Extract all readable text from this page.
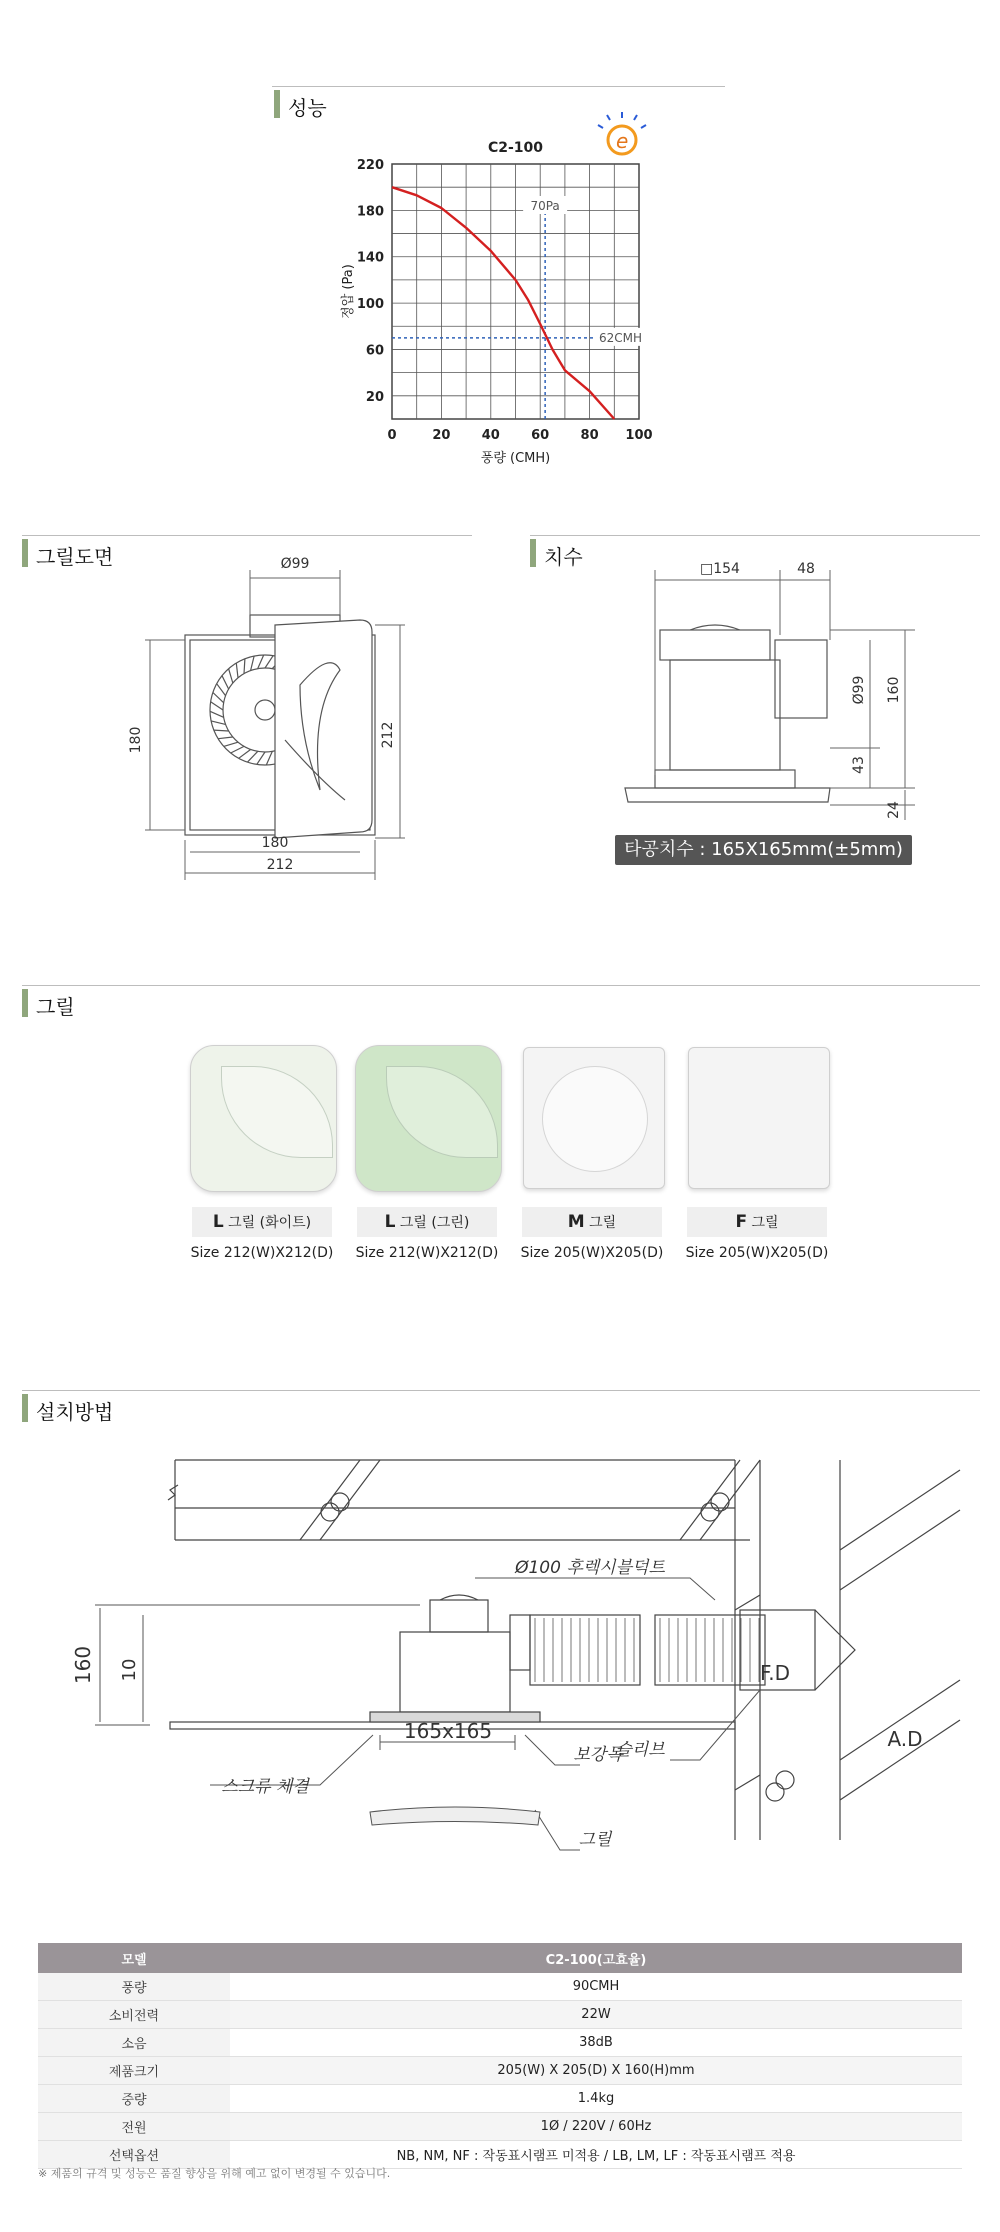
성능
0	20 40 60 80 100
20
60
100
140
180
220
C2-100
풍량 (CMH)
정압 (Pa)
70Pa
62CMH
e
그릴도면	Ø99
180	212
180
212
치수	□154	48
Ø99 160
43
24
타공치수 : 165X165mm(±5mm)
그릴
L 그릴 (화이트)
Size 212(W)X212(D)
L 그릴 (그린)
Size 212(W)X212(D)
M 그릴
Size 205(W)X205(D)
F 그릴
Size 205(W)X205(D)
설치방법
160 10
165x165
Ø100 후렉시블덕트
F.D
A.D
스크류 체결
보강목
슬리브
그릴
모델	C2-100(고효율)
풍량	90CMH
소비전력	22W
소음	38dB
제품크기	205(W) X 205(D) X 160(H)mm
중량	1.4kg
전원	1Ø / 220V / 60Hz
선택옵션	NB, NM, NF : 작동표시램프 미적용 / LB, LM, LF : 작동표시램프 적용
※ 제품의 규격 및 성능은 품질 향상을 위해 예고 없이 변경될 수 있습니다.
